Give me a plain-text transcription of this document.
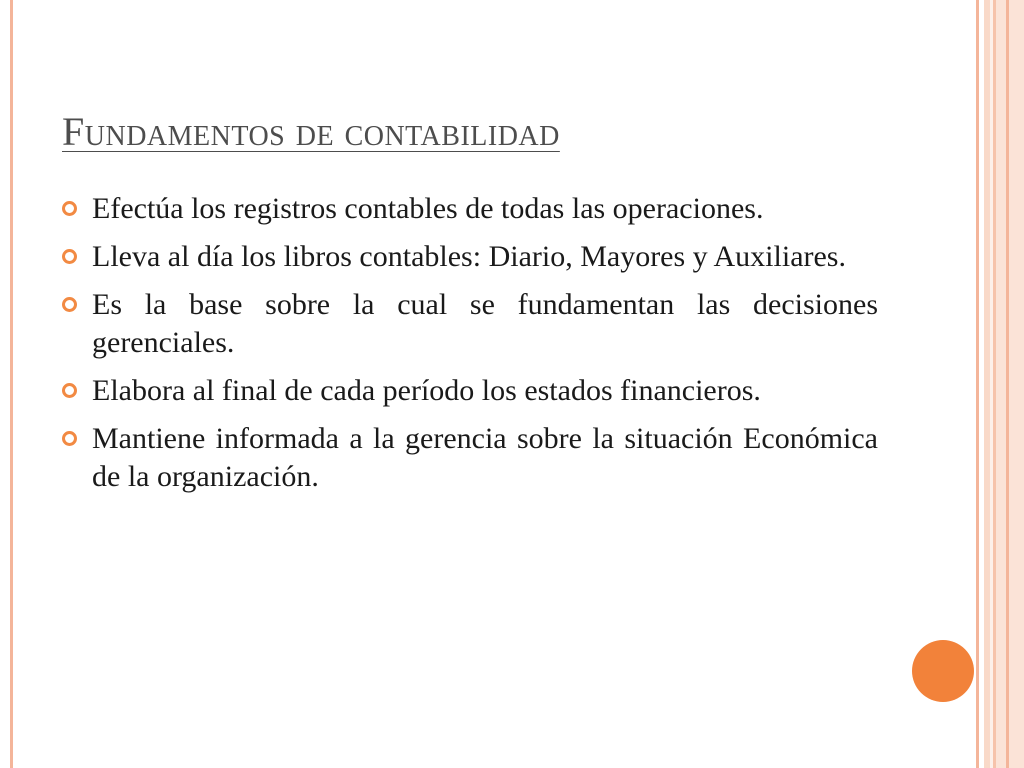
Fundamentos de contabilidad
Efectúa los registros contables de todas las operaciones.
Lleva al día los libros contables: Diario, Mayores y Auxiliares.
Es la base sobre la cual se fundamentan las decisiones gerenciales.
Elabora al final de cada período los estados financieros.
Mantiene informada a la gerencia sobre la situación Económica de la organización.
